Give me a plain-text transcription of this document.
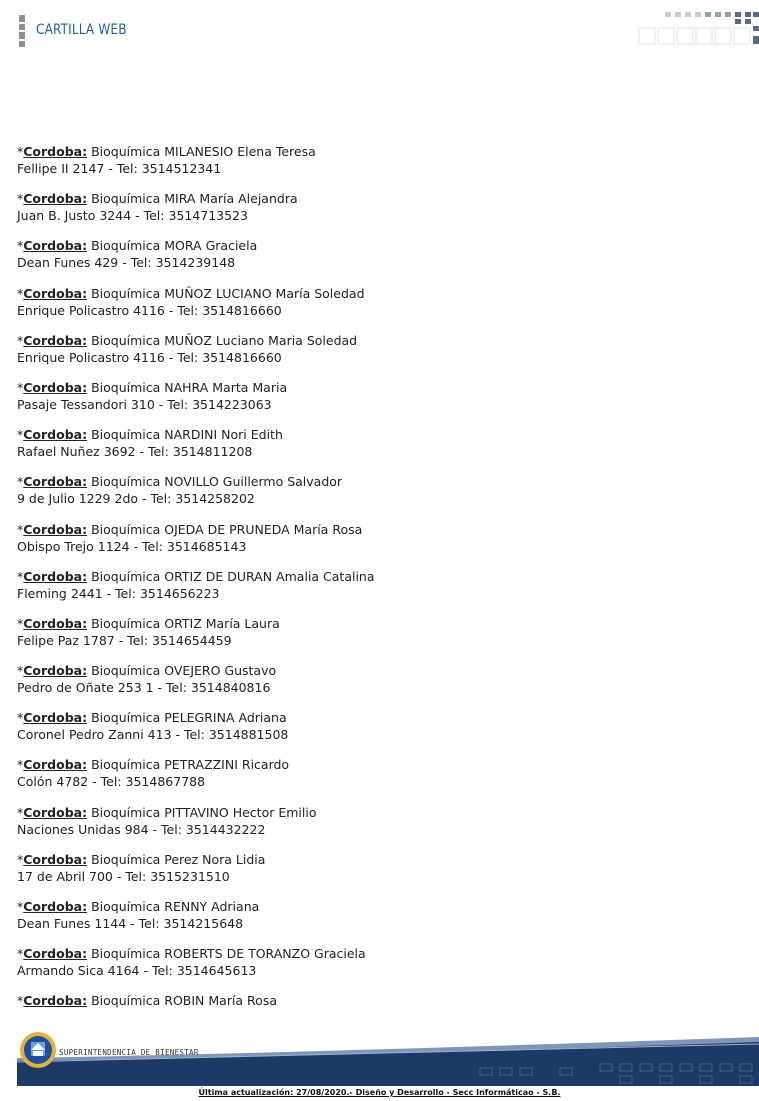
CARTILLA WEB
*Cordoba: Bioquímica MILANESIO Elena Teresa
Fellipe II 2147 - Tel: 3514512341
*Cordoba: Bioquímica MIRA María Alejandra
Juan B. Justo 3244 - Tel: 3514713523
*Cordoba: Bioquímica MORA Graciela
Dean Funes 429 - Tel: 3514239148
*Cordoba: Bioquímica MUÑOZ LUCIANO María Soledad
Enrique Policastro 4116 - Tel: 3514816660
*Cordoba: Bioquímica MUÑOZ Luciano Maria Soledad
Enrique Policastro 4116 - Tel: 3514816660
*Cordoba: Bioquímica NAHRA Marta Maria
Pasaje Tessandori 310 - Tel: 3514223063
*Cordoba: Bioquímica NARDINI Nori Edith
Rafael Nuñez 3692 - Tel: 3514811208
*Cordoba: Bioquímica NOVILLO Guillermo Salvador
9 de Julio 1229 2do - Tel: 3514258202
*Cordoba: Bioquímica OJEDA DE PRUNEDA María Rosa
Obispo Trejo 1124 - Tel: 3514685143
*Cordoba: Bioquímica ORTIZ DE DURAN Amalia Catalina
Fleming 2441 - Tel: 3514656223
*Cordoba: Bioquímica ORTIZ María Laura
Felipe Paz 1787 - Tel: 3514654459
*Cordoba: Bioquímica OVEJERO Gustavo
Pedro de Oñate 253 1 - Tel: 3514840816
*Cordoba: Bioquímica PELEGRINA Adriana
Coronel Pedro Zanni 413 - Tel: 3514881508
*Cordoba: Bioquímica PETRAZZINI Ricardo
Colón 4782 - Tel: 3514867788
*Cordoba: Bioquímica PITTAVINO Hector Emilio
Naciones Unidas 984 - Tel: 3514432222
*Cordoba: Bioquímica Perez Nora Lidia
17 de Abril 700 - Tel: 3515231510
*Cordoba: Bioquímica RENNY Adriana
Dean Funes 1144 - Tel: 3514215648
*Cordoba: Bioquímica ROBERTS DE TORANZO Graciela
Armando Sica 4164 - Tel: 3514645613
*Cordoba: Bioquímica ROBIN María Rosa
SUPERINTENDENCIA DE BIENESTAR
Última actualización: 27/08/2020.- Diseño y Desarrollo - Secc Informáticao - S.B.
